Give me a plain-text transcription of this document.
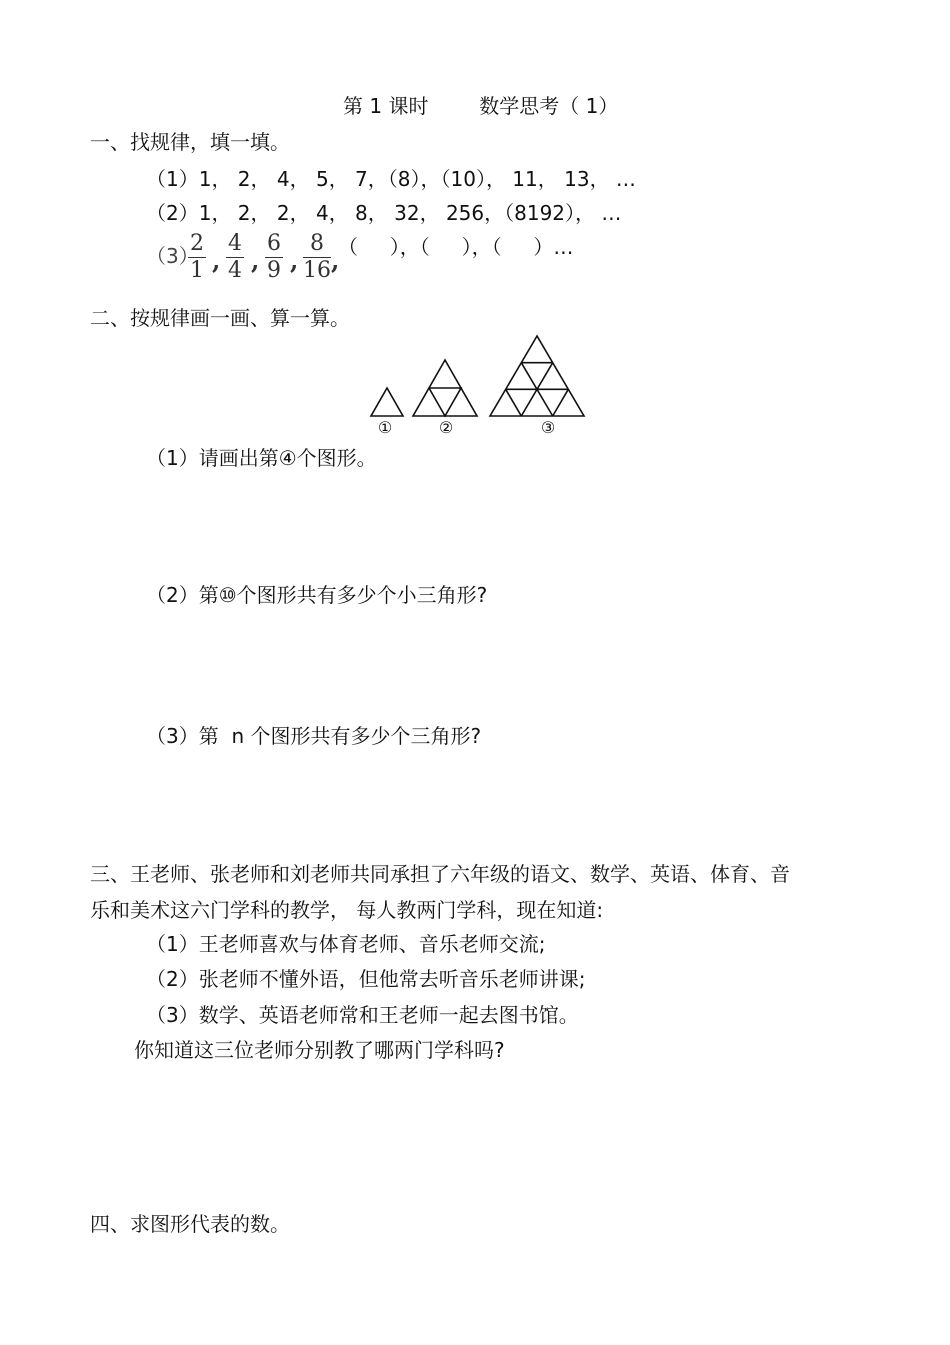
第 1 课时        数学思考（ 1）
一、找规律，填一填。
（1）1， 2， 4， 5， 7，（8），（10）， 11， 13， …
（2）1， 2， 2， 4， 8， 32， 256，（8192）， …
（3）
$\frac{2}{1}$ , $\frac{4}{4}$ , $\frac{6}{9}$ , $\frac{8}{16}$ ,
（     ），（     ），（     ）…
二、按规律画一画、算一算。
①	②	③
（1）请画出第④个图形。
（2）第⑩个图形共有多少个小三角形?
（3）第  n 个图形共有多少个三角形?
三、王老师、张老师和刘老师共同承担了六年级的语文、数学、英语、体育、音
乐和美术这六门学科的教学， 每人教两门学科，现在知道:
（1）王老师喜欢与体育老师、音乐老师交流;
（2）张老师不懂外语，但他常去听音乐老师讲课;
（3）数学、英语老师常和王老师一起去图书馆。
你知道这三位老师分别教了哪两门学科吗?
四、求图形代表的数。
